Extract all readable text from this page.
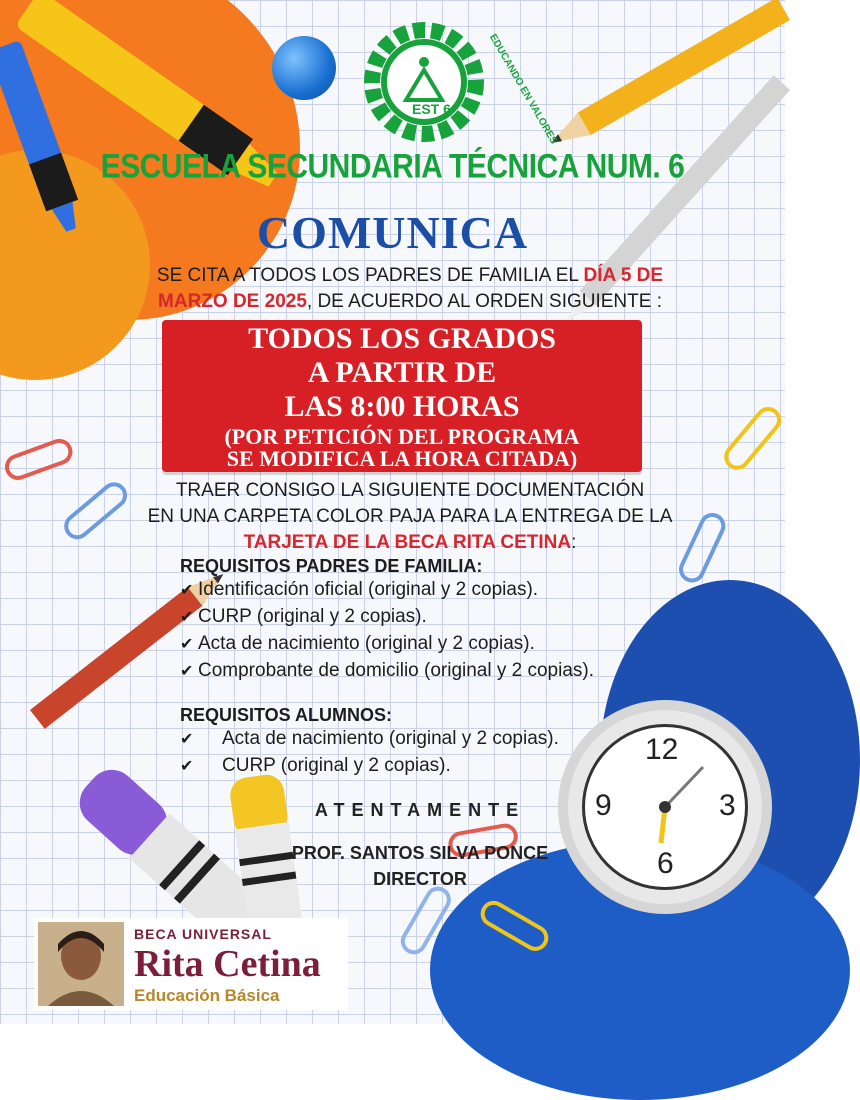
EST 6	EDUCANDO EN VALORES
ESCUELA SECUNDARIA TÉCNICA NUM. 6
COMUNICA
SE CITA A TODOS LOS PADRES DE FAMILIA EL DÍA 5 DE MARZO DE 2025, DE ACUERDO AL ORDEN SIGUIENTE :
TODOS LOS GRADOS
A PARTIR DE
LAS 8:00 HORAS
(POR PETICIÓN DEL PROGRAMA
SE MODIFICA LA HORA CITADA)
TRAER CONSIGO LA SIGUIENTE DOCUMENTACIÓN
EN UNA CARPETA COLOR PAJA PARA LA ENTREGA DE LA
TARJETA DE LA BECA RITA CETINA:
REQUISITOS PADRES DE FAMILIA:
✔ Identificación oficial (original y 2 copias).
✔ CURP (original y 2 copias).
✔ Acta de nacimiento (original y 2 copias).
✔ Comprobante de domicilio (original y 2 copias).
REQUISITOS ALUMNOS:
✔ Acta de nacimiento (original y 2 copias).
✔ CURP (original y 2 copias).	12
3
6
9
ATENTAMENTE
PROF. SANTOS SILVA PONCE
DIRECTOR
BECA UNIVERSAL
Rita Cetina
Educación Básica
